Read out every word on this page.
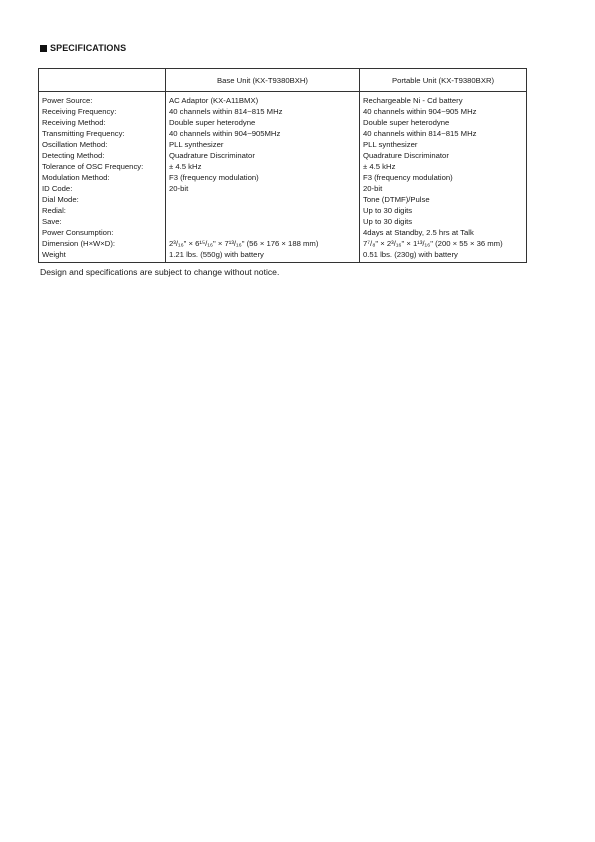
SPECIFICATIONS
	Base Unit (KX-T9380BXH)	Portable Unit (KX-T9380BXR)
Power Source:	AC Adaptor (KX-A11BMX)	Rechargeable Ni - Cd battery
Receiving Frequency:	40 channels within 814~815 MHz	40 channels within 904~905 MHz
Receiving Method:	Double super heterodyne	Double super heterodyne
Transmitting Frequency:	40 channels within 904~905MHz	40 channels within 814~815 MHz
Oscillation Method:	PLL synthesizer	PLL synthesizer
Detecting Method:	Quadrature Discriminator	Quadrature Discriminator
Tolerance of OSC Frequency:	± 4.5 kHz	± 4.5 kHz
Modulation Method:	F3 (frequency modulation)	F3 (frequency modulation)
ID Code:	20-bit	20-bit
Dial Mode:		Tone (DTMF)/Pulse
Redial:		Up to 30 digits
Save:		Up to 30 digits
Power Consumption:		4days at Standby, 2.5 hrs at Talk
Dimension (H×W×D):	2³/₁₆" × 6¹⁵/₁₆" × 7¹³/₁₆" (56 × 176 × 188 mm)	7⁷/₈" × 2³/₁₆" × 1¹³/₁₆" (200 × 55 × 36 mm)
Weight	1.21 lbs. (550g) with battery	0.51 lbs. (230g) with battery
Design and specifications are subject to change without notice.
